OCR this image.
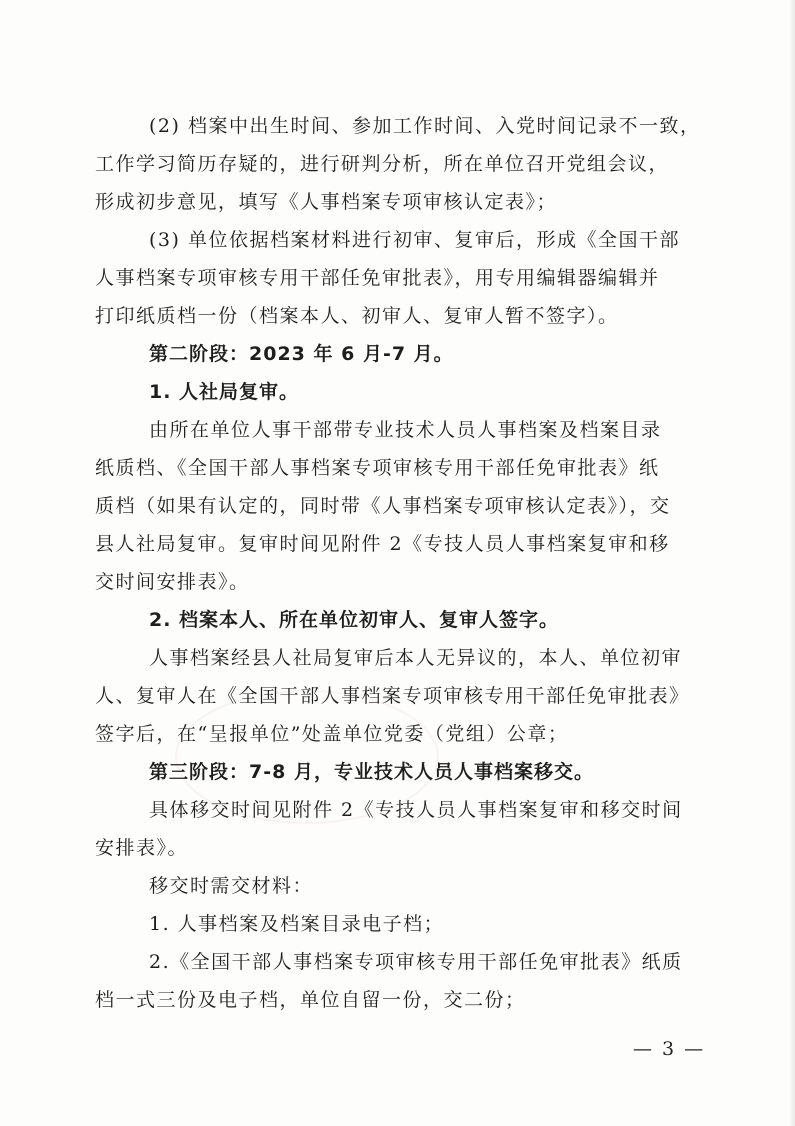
(2) 档案中出生时间、参加工作时间、入党时间记录不一致，
工作学习简历存疑的，进行研判分析，所在单位召开党组会议，
形成初步意见，填写《人事档案专项审核认定表》；
(3) 单位依据档案材料进行初审、复审后，形成《全国干部
人事档案专项审核专用干部任免审批表》，用专用编辑器编辑并
打印纸质档一份（档案本人、初审人、复审人暂不签字）。
第二阶段：2023 年 6 月-7 月。
1. 人社局复审。
由所在单位人事干部带专业技术人员人事档案及档案目录
纸质档、《全国干部人事档案专项审核专用干部任免审批表》纸
质档（如果有认定的，同时带《人事档案专项审核认定表》），交
县人社局复审。复审时间见附件 2《专技人员人事档案复审和移
交时间安排表》。
2. 档案本人、所在单位初审人、复审人签字。
人事档案经县人社局复审后本人无异议的，本人、单位初审
人、复审人在《全国干部人事档案专项审核专用干部任免审批表》
签字后，在“呈报单位”处盖单位党委（党组）公章；
第三阶段：7-8 月，专业技术人员人事档案移交。
具体移交时间见附件 2《专技人员人事档案复审和移交时间
安排表》。
移交时需交材料：
1. 人事档案及档案目录电子档；
2.《全国干部人事档案专项审核专用干部任免审批表》纸质
档一式三份及电子档，单位自留一份，交二份；
— 3 —
